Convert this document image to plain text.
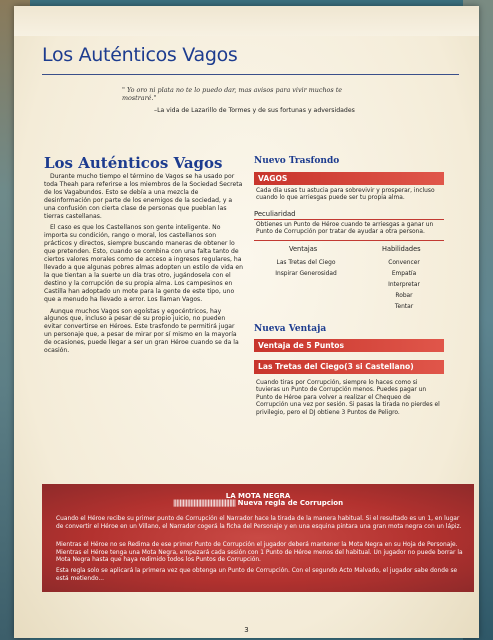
Los Auténticos Vagos

" Yo oro ni plata no te lo puedo dar, mas avisos para vivir muchos te mostraré."

–La vida de Lazarillo de Tormes y de sus fortunas y adversidades

Los Auténticos Vagos

Durante mucho tiempo el término de Vagos se ha usado por toda Theah para referirse a los miembros de la Sociedad Secreta de los Vagabundos. Esto se debía a una mezcla de desinformación por parte de los enemigos de la sociedad, y a una confusión con cierta clase de personas que pueblan las tierras castellanas.

El caso es que los Castellanos son gente inteligente. No importa su condición, rango o moral, los castellanos son prácticos y directos, siempre buscando maneras de obtener lo que pretenden. Esto, cuando se combina con una falta tanto de ciertos valores morales como de acceso a ingresos regulares, ha llevado a que algunas pobres almas adopten un estilo de vida en la que tientan a la suerte un día tras otro, jugándosela con el destino y la corrupción de su propia alma. Los campesinos en Castilla han adoptado un mote para la gente de este tipo, uno que a menudo ha llevado a error. Los llaman Vagos.

Aunque muchos Vagos son egoístas y egocéntricos, hay algunos que, incluso a pesar de su propio juicio, no pueden evitar convertirse en Héroes. Este trasfondo te permitirá jugar un personaje que, a pesar de mirar por sí mismo en la mayoría de ocasiones, puede llegar a ser un gran Héroe cuando se da la ocasión.

Nuevo Trasfondo
VAGOS

Cada día usas tu astucia para sobrevivir y prosperar, incluso cuando lo que arriesgas puede ser tu propia alma.

Peculiaridad

Obtienes un Punto de Héroe cuando te arriesgas a ganar un Punto de Corrupción por tratar de ayudar a otra persona.

Ventajas	Habilidades
Las Tretas del Ciego
Inspirar Generosidad
Convencer
Empatía
Interpretar
Robar
Tentar
Nueva Ventaja
Ventaja de 5 Puntos
Las Tretas del Ciego(3 si Castellano)

Cuando tiras por Corrupción, siempre lo haces como si tuvieras un Punto de Corrupción menos. Puedes pagar un Punto de Héroe para volver a realizar el Chequeo de Corrupción una vez por sesión. Si pasas la tirada no pierdes el privilegio, pero el DJ obtiene 3 Puntos de Peligro.

LA MOTA NEGRA

|||||||||||||||||||||||||||||||||||||||| Nueva regla de Corrupcion

Cuando el Héroe recibe su primer punto de Corrupción el Narrador hace la tirada de la manera habitual. Si el resultado es un 1, en lugar de convertir el Héroe en un Villano, el Narrador cogerá la ficha del Personaje y en una esquina pintara una gran mota negra con un lápiz.

Mientras el Héroe no se Redima de ese primer Punto de Corrupción el jugador deberá mantener la Mota Negra en su Hoja de Personaje. Mientras el Héroe tenga una Mota Negra, empezará cada sesión con 1 Punto de Héroe menos del habitual. Un jugador no puede borrar la Mota Negra hasta que haya redimido todos los Puntos de Corrupción.

Esta regla solo se aplicará la primera vez que obtenga un Punto de Corrupción. Con el segundo Acto Malvado, el jugador sabe donde se está metiendo...

3
